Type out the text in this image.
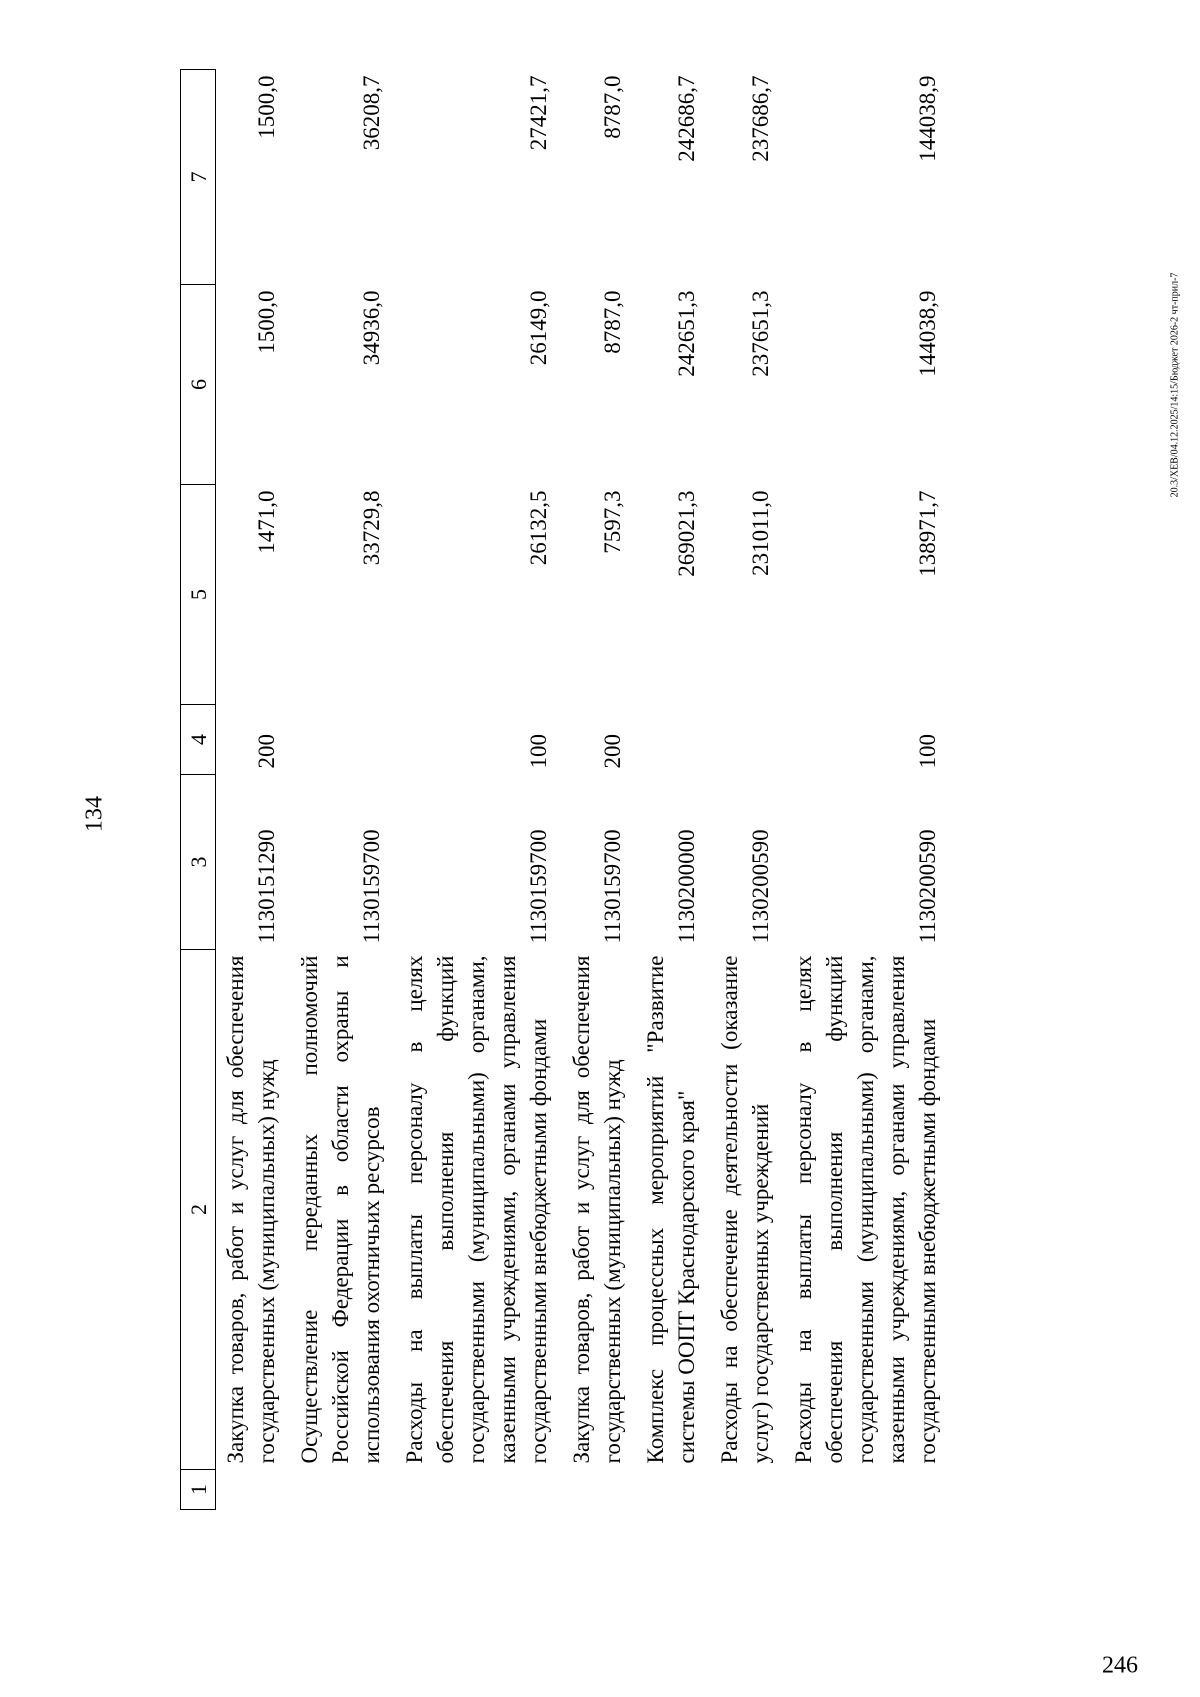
134
20.3/ХЕВ/04.12.2025/14:15/Бюджет 2026-2 чт-прил-7
246
1	2	3	4	5	6	7
	Закупка товаров, работ и услуг для обеспечения государственных (муниципальных) нужд	1130151290	200	1471,0	1500,0	1500,0
	Осуществление переданных полномочий Российской Федерации в области охраны и использования охотничьих ресурсов	1130159700		33729,8	34936,0	36208,7
	Расходы на выплаты персоналу в целях обеспечения выполнения функций государственными (муниципальными) органами, казенными учреждениями, органами управления государственными внебюджетными фондами	1130159700	100	26132,5	26149,0	27421,7
	Закупка товаров, работ и услуг для обеспечения государственных (муниципальных) нужд	1130159700	200	7597,3	8787,0	8787,0
	Комплекс процессных мероприятий "Развитие системы ООПТ Краснодарского края"	1130200000		269021,3	242651,3	242686,7
	Расходы на обеспечение деятельности (оказание услуг) государственных учреждений	1130200590		231011,0	237651,3	237686,7
	Расходы на выплаты персоналу в целях обеспечения выполнения функций государственными (муниципальными) органами, казенными учреждениями, органами управления государственными внебюджетными фондами	1130200590	100	138971,7	144038,9	144038,9
